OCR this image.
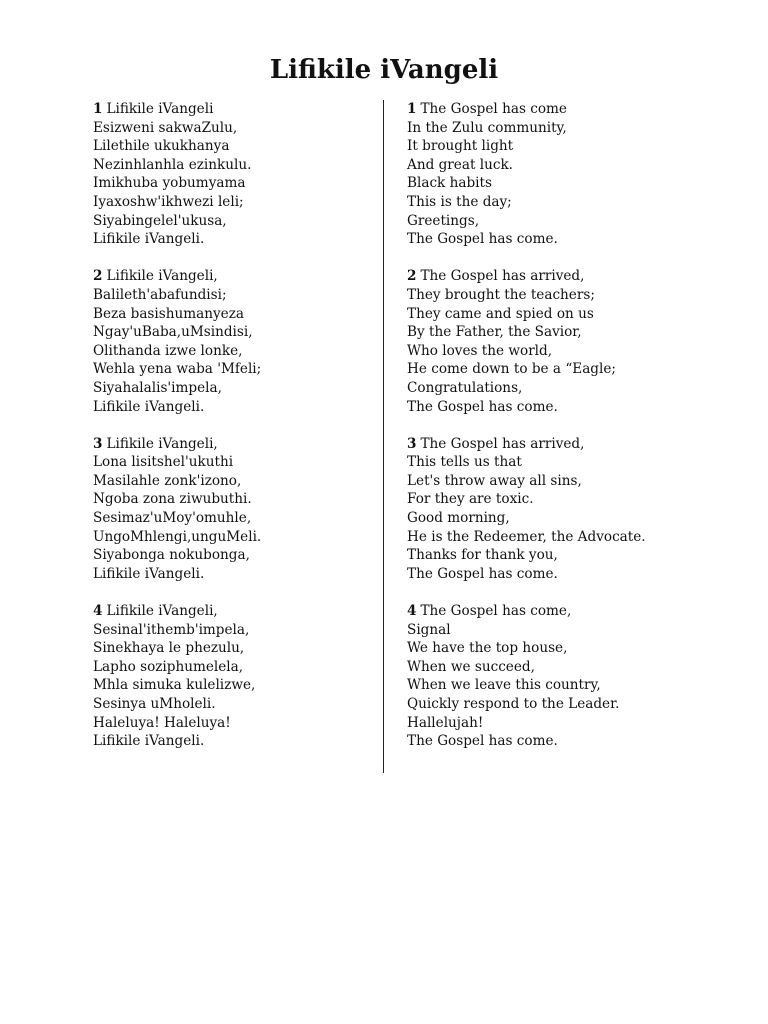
Lifikile iVangeli
1 Lifikile iVangeli
Esizweni sakwaZulu,
Lilethile ukukhanya
Nezinhlanhla ezinkulu.
Imikhuba yobumyama
Iyaxoshw'ikhwezi leli;
Siyabingelel'ukusa,
Lifikile iVangeli.
2 Lifikile iVangeli,
Balileth'abafundisi;
Beza basishumanyeza
Ngay'uBaba,uMsindisi,
Olithanda izwe lonke,
Wehla yena waba 'Mfeli;
Siyahalalis'impela,
Lifikile iVangeli.
3 Lifikile iVangeli,
Lona lisitshel'ukuthi
Masilahle zonk'izono,
Ngoba zona ziwubuthi.
Sesimaz'uMoy'omuhle,
UngoMhlengi,unguMeli.
Siyabonga nokubonga,
Lifikile iVangeli.
4 Lifikile iVangeli,
Sesinal'ithemb'impela,
Sinekhaya le phezulu,
Lapho soziphumelela,
Mhla simuka kulelizwe,
Sesinya uMholeli.
Haleluya! Haleluya!
Lifikile iVangeli.
1 The Gospel has come
In the Zulu community,
It brought light
And great luck.
Black habits
This is the day;
Greetings,
The Gospel has come.
2 The Gospel has arrived,
They brought the teachers;
They came and spied on us
By the Father, the Savior,
Who loves the world,
He come down to be a “Eagle;
Congratulations,
The Gospel has come.
3 The Gospel has arrived,
This tells us that
Let's throw away all sins,
For they are toxic.
Good morning,
He is the Redeemer, the Advocate.
Thanks for thank you,
The Gospel has come.
4 The Gospel has come,
Signal
We have the top house,
When we succeed,
When we leave this country,
Quickly respond to the Leader.
Hallelujah!
The Gospel has come.
